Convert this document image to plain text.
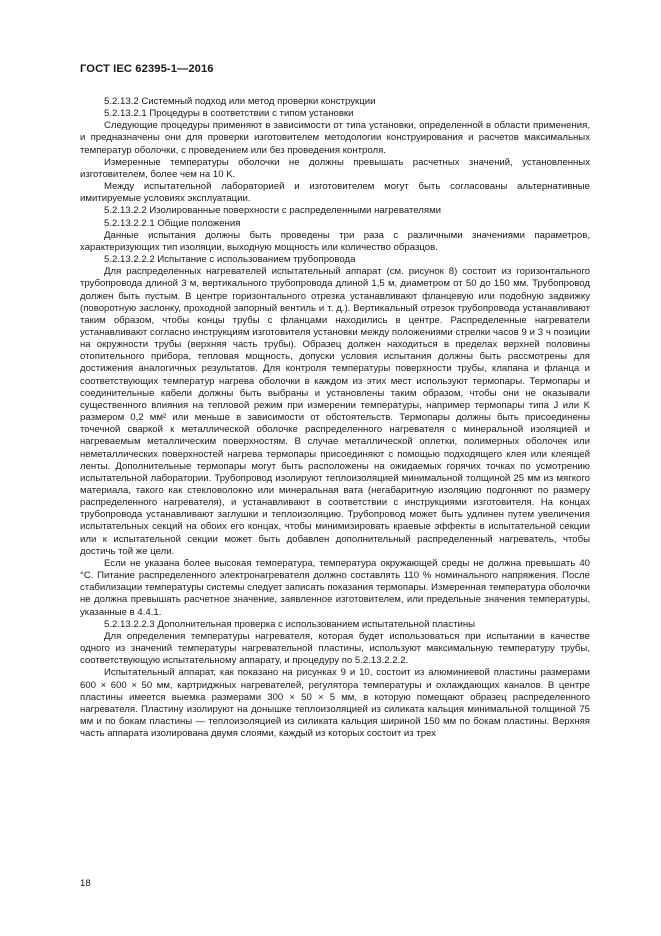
ГОСТ IEC 62395-1—2016

5.2.13.2 Системный подход или метод проверки конструкции

5.2.13.2.1 Процедуры в соответствии с типом установки

Следующие процедуры применяют в зависимости от типа установки, определенной в области применения, и предназначены они для проверки изготовителем методологии конструирования и расчетов максимальных температур оболочки, с проведением или без проведения контроля.

Измеренные температуры оболочки не должны превышать расчетных значений, установленных изготовителем, более чем на 10 K.

Между испытательной лабораторией и изготовителем могут быть согласованы альтернативные имитируемые условиях эксплуатации.

5.2.13.2.2 Изолированные поверхности с распределенными нагревателями

5.2.13.2.2.1 Общие положения

Данные испытания должны быть проведены три раза с различными значениями параметров, характеризующих тип изоляции, выходную мощность или количество образцов.

5.2.13.2.2.2 Испытание с использованием трубопровода

Для распределенных нагревателей испытательный аппарат (см. рисунок 8) состоит из горизонтального трубопровода длиной 3 м, вертикального трубопровода длиной 1,5 м, диаметром от 50 до 150 мм. Трубопровод должен быть пустым. В центре горизонтального отрезка устанавливают фланцевую или подобную задвижку (поворотную заслонку, проходной запорный вентиль и т. д.). Вертикальный отрезок трубопровода устанавливают таким образом, чтобы концы трубы с фланцами находились в центре. Распределенные нагреватели устанавливают согласно инструкциям изготовителя установки между положениями стрелки часов 9 и 3 ч позиции на окружности трубы (верхняя часть трубы). Образец должен находиться в пределах верхней половины отопительного прибора, тепловая мощность, допуски условия испытания должны быть рассмотрены для достижения аналогичных результатов. Для контроля температуры поверхности трубы, клапана и фланца и соответствующих температур нагрева оболочки в каждом из этих мест используют термопары. Термопары и соединительные кабели должны быть выбраны и установлены таким образом, чтобы они не оказывали существенного влияния на тепловой режим при измерении температуры, например термопары типа J или K размером 0,2 мм² или меньше в зависимости от обстоятельств. Термопары должны быть присоединены точечной сваркой к металлической оболочке распределенного нагревателя с минеральной изоляцией и нагреваемым металлическим поверхностям. В случае металлической оплетки, полимерных оболочек или неметаллических поверхностей нагрева термопары присоединяют с помощью подходящего клея или клеящей ленты. Дополнительные термопары могут быть расположены на ожидаемых горячих точках по усмотрению испытательной лаборатории. Трубопровод изолируют теплоизоляцией минимальной толщиной 25 мм из мягкого материала, такого как стекловолокно или минеральная вата (негабаритную изоляцию подгоняют по размеру распределенного нагревателя), и устанавливают в соответствии с инструкциями изготовителя. На концах трубопровода устанавливают заглушки и теплоизоляцию. Трубопровод может быть удлинен путем увеличения испытательных секций на обоих его концах, чтобы минимизировать краевые эффекты в испытательной секции или к испытательной секции может быть добавлен дополнительный распределенный нагреватель, чтобы достичь той же цели.

Если не указана более высокая температура, температура окружающей среды не должна превышать 40 °C. Питание распределенного электронагревателя должно составлять 110 % номинального напряжения. После стабилизации температуры системы следует записать показания термопары. Измеренная температура оболочки не должна превышать расчетное значение, заявленное изготовителем, или предельные значения температуры, указанные в 4.4.1.

5.2.13.2.2.3 Дополнительная проверка с использованием испытательной пластины

Для определения температуры нагревателя, которая будет использоваться при испытании в качестве одного из значений температуры нагревательной пластины, используют максимальную температуру трубы, соответствующую испытательному аппарату, и процедуру по 5.2.13.2.2.2.

Испытательный аппарат, как показано на рисунках 9 и 10, состоит из алюминиевой пластины размерами 600 × 600 × 50 мм, картриджных нагревателей, регулятора температуры и охлаждающих каналов. В центре пластины имеется выемка размерами 300 × 50 × 5 мм, в которую помещают образец распределенного нагревателя. Пластину изолируют на донышке теплоизоляцией из силиката кальция минимальной толщиной 75 мм и по бокам пластины — теплоизоляцией из силиката кальция шириной 150 мм по бокам пластины. Верхняя часть аппарата изолирована двумя слоями, каждый из которых состоит из трех

18
